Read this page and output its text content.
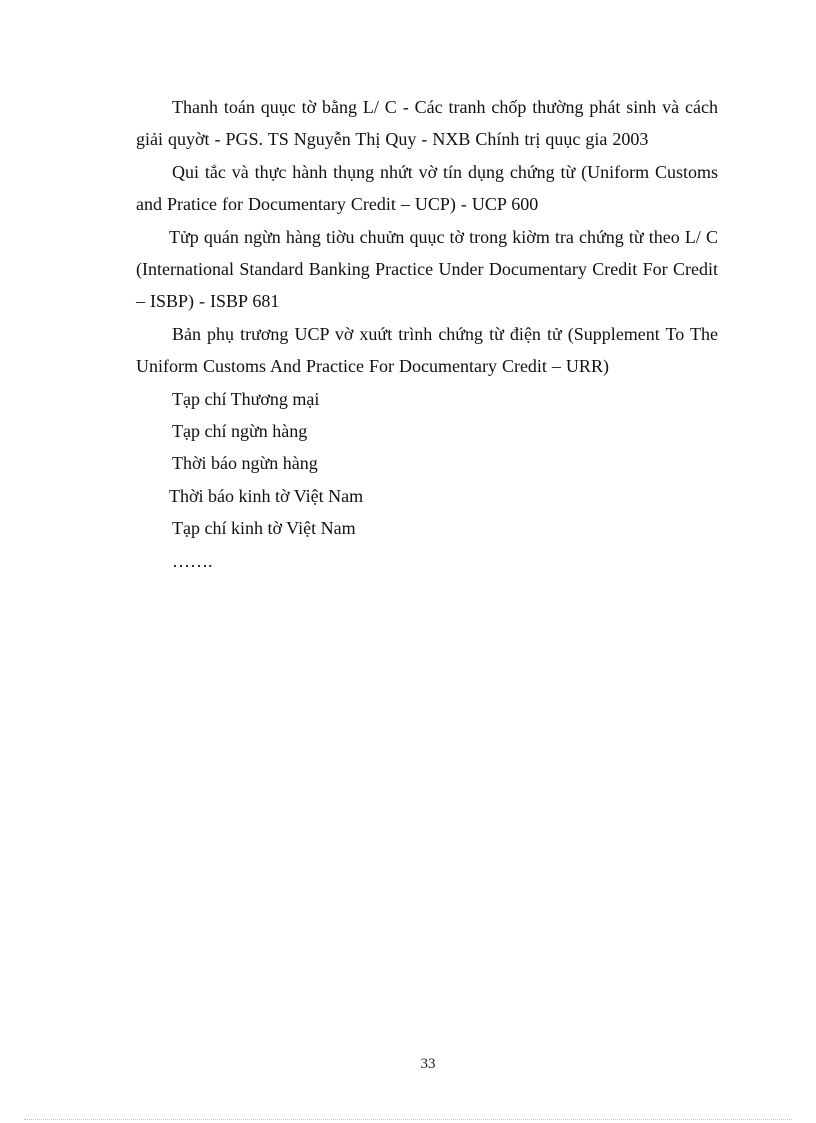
Thanh toán quục tờ bằng L/ C - Các tranh chốp thường phát sinh và cách giải quyờt - PGS. TS Nguyễn Thị Quy - NXB Chính trị quục gia 2003

Qui tắc và thực hành thụng nhứt vờ tín dụng chứng từ (Uniform Customs and Pratice for Documentary Credit – UCP) - UCP 600

Tửp quán ngừn hàng tiờu chuửn quục tờ trong kiờm tra chứng từ theo L/ C (International Standard Banking Practice Under Documentary Credit For Credit – ISBP) - ISBP 681

Bản phụ trương UCP vờ xuứt trình chứng từ điện tử (Supplement To The Uniform Customs And Practice For Documentary Credit – URR)

Tạp chí Thương mại

Tạp chí ngừn hàng

Thời báo ngừn hàng

Thời báo kinh tờ Việt Nam

Tạp chí kinh tờ Việt Nam

…….

33
